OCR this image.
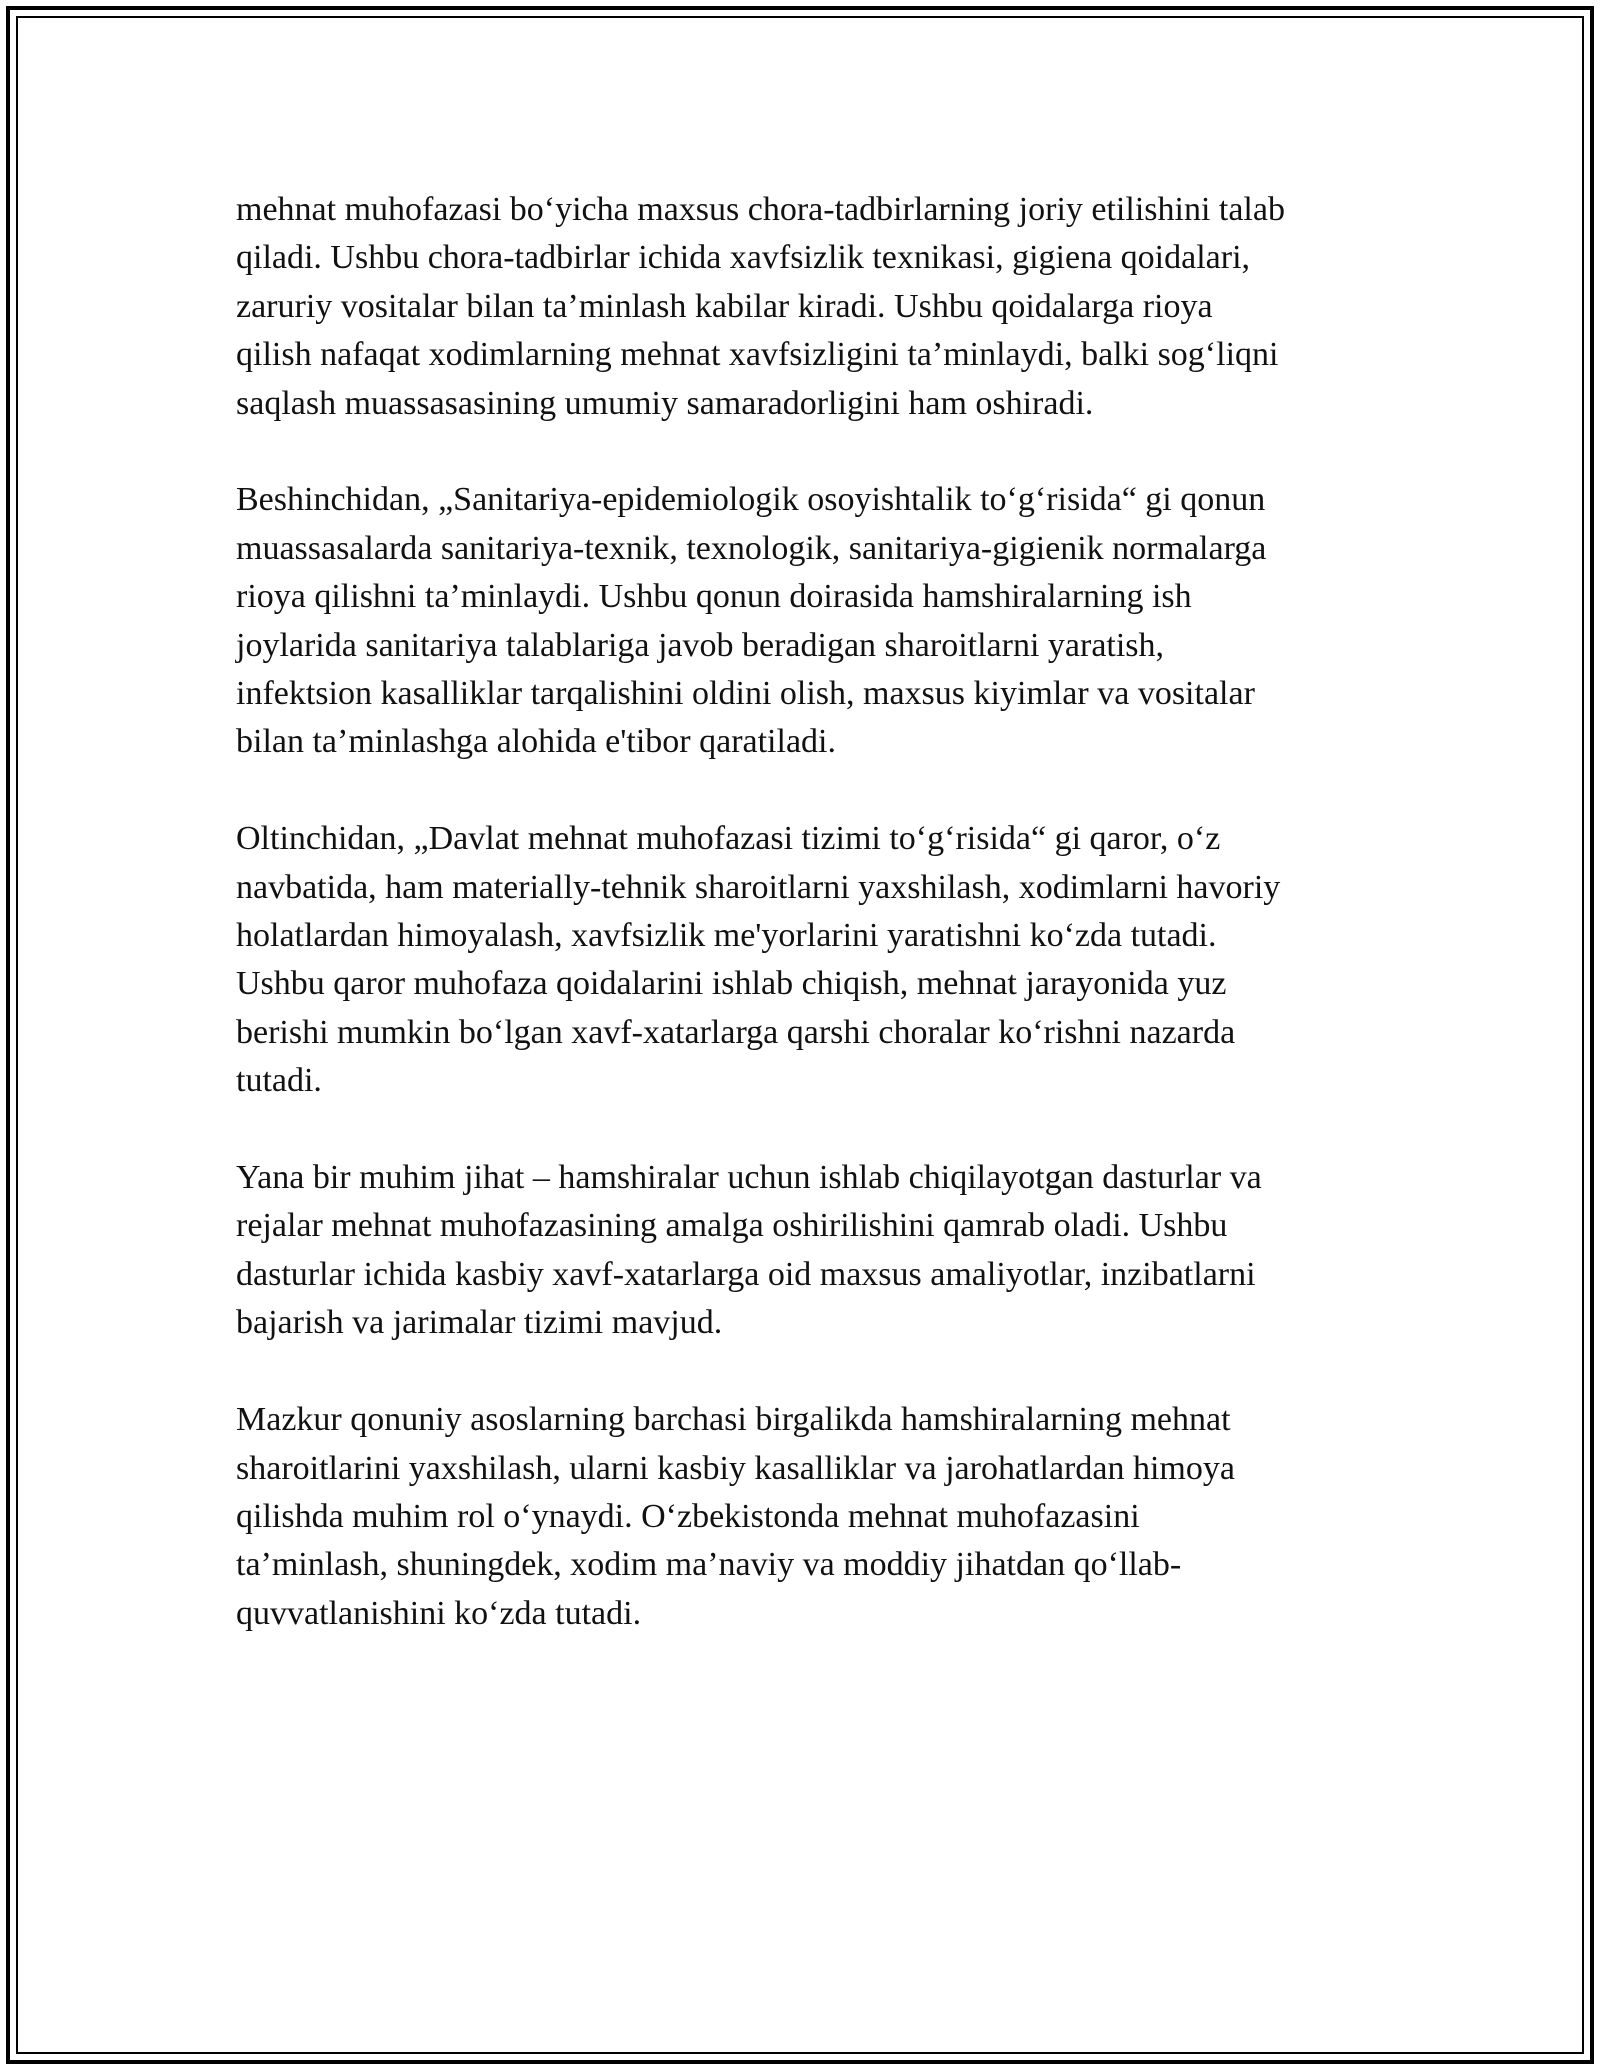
mehnat muhofazasi bo‘yicha maxsus chora-tadbirlarning joriy etilishini talab
qiladi. Ushbu chora-tadbirlar ichida xavfsizlik texnikasi, gigiena qoidalari,
zaruriy vositalar bilan ta’minlash kabilar kiradi. Ushbu qoidalarga rioya
qilish nafaqat xodimlarning mehnat xavfsizligini ta’minlaydi, balki sog‘liqni
saqlash muassasasining umumiy samaradorligini ham oshiradi.

Beshinchidan, „Sanitariya-epidemiologik osoyishtalik to‘g‘risida“ gi qonun
muassasalarda sanitariya-texnik, texnologik, sanitariya-gigienik normalarga
rioya qilishni ta’minlaydi. Ushbu qonun doirasida hamshiralarning ish
joylarida sanitariya talablariga javob beradigan sharoitlarni yaratish,
infektsion kasalliklar tarqalishini oldini olish, maxsus kiyimlar va vositalar
bilan ta’minlashga alohida e'tibor qaratiladi.

Oltinchidan, „Davlat mehnat muhofazasi tizimi to‘g‘risida“ gi qaror, o‘z
navbatida, ham materially-tehnik sharoitlarni yaxshilash, xodimlarni havoriy
holatlardan himoyalash, xavfsizlik me'yorlarini yaratishni ko‘zda tutadi.
Ushbu qaror muhofaza qoidalarini ishlab chiqish, mehnat jarayonida yuz
berishi mumkin bo‘lgan xavf-xatarlarga qarshi choralar ko‘rishni nazarda
tutadi.

Yana bir muhim jihat – hamshiralar uchun ishlab chiqilayotgan dasturlar va
rejalar mehnat muhofazasining amalga oshirilishini qamrab oladi. Ushbu
dasturlar ichida kasbiy xavf-xatarlarga oid maxsus amaliyotlar, inzibatlarni
bajarish va jarimalar tizimi mavjud.

Mazkur qonuniy asoslarning barchasi birgalikda hamshiralarning mehnat
sharoitlarini yaxshilash, ularni kasbiy kasalliklar va jarohatlardan himoya
qilishda muhim rol o‘ynaydi. O‘zbekistonda mehnat muhofazasini
ta’minlash, shuningdek, xodim ma’naviy va moddiy jihatdan qo‘llab-
quvvatlanishini ko‘zda tutadi.
